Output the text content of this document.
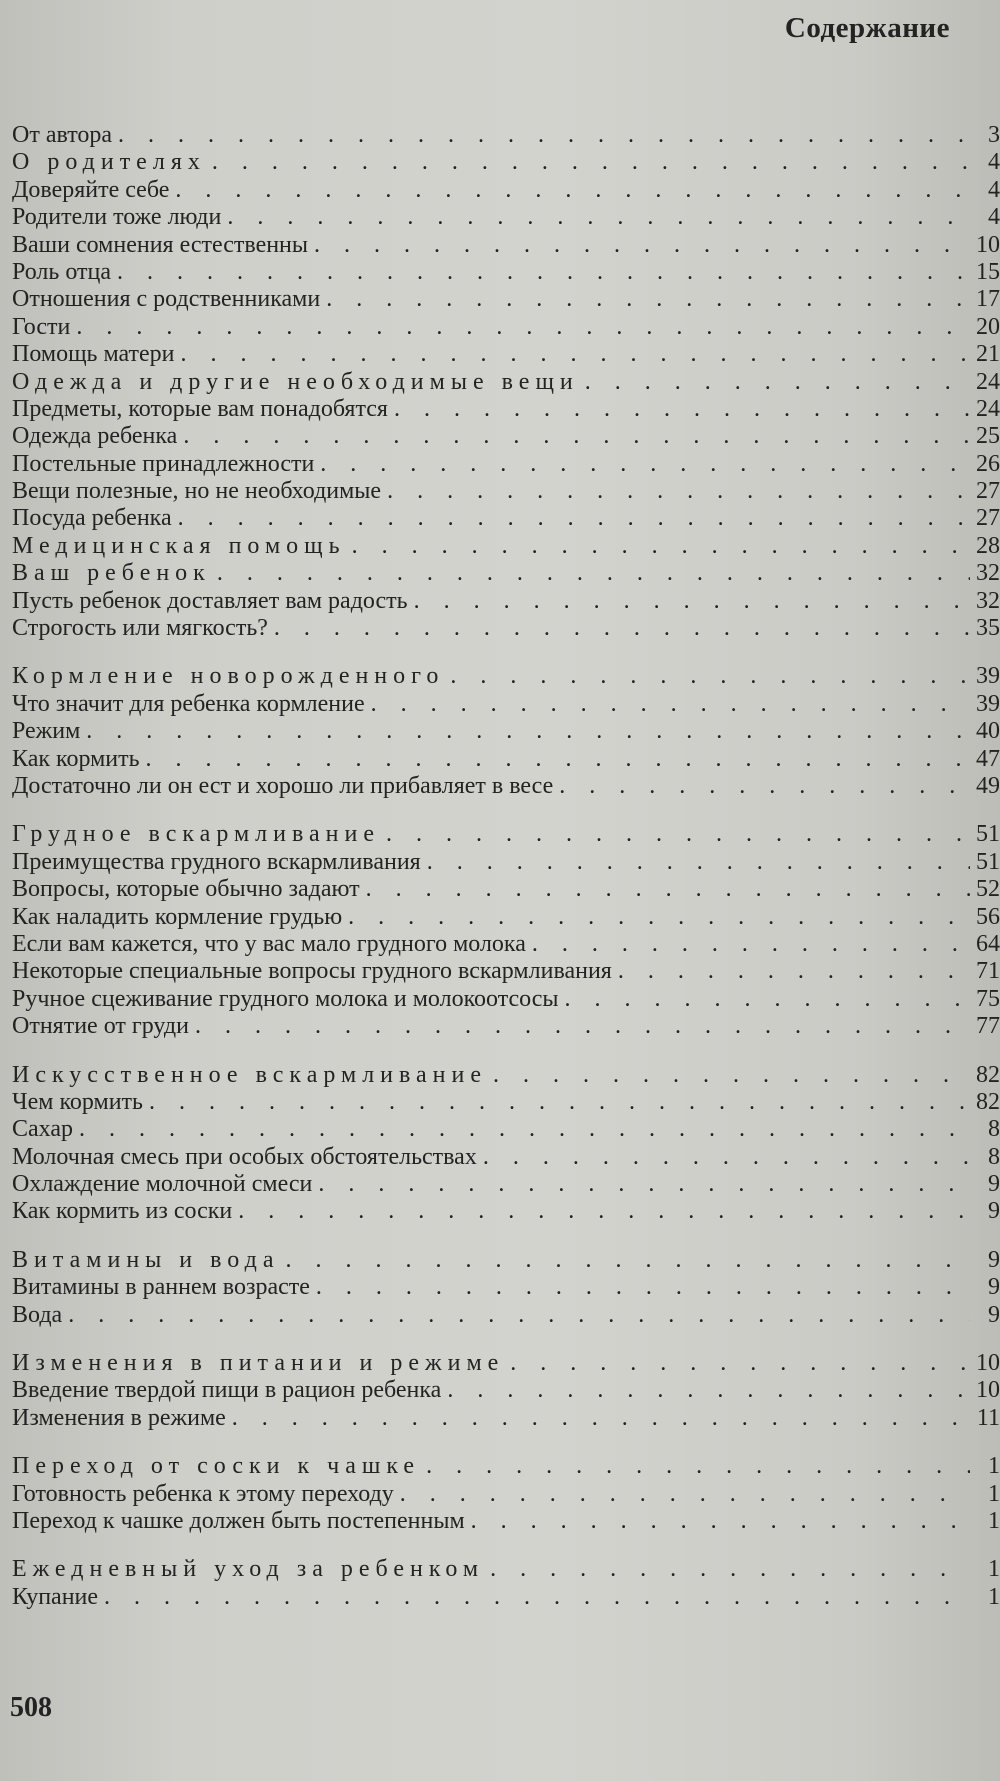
Содержание
От автора . . .	3
О родителях . . .	4
Доверяйте себе . . .	4
Родители тоже люди . . .	4
Ваши сомнения естественны . . .	10
Роль отца . . .	15
Отношения с родственниками . . .	17
Гости . . .	20
Помощь матери . . .	21
Одежда и другие необходимые вещи . . .	24
Предметы, которые вам понадобятся . . .	24
Одежда ребенка . . .	25
Постельные принадлежности . . .	26
Вещи полезные, но не необходимые . . .	27
Посуда ребенка . . .	27
Медицинская помощь . . .	28
Ваш ребенок . . .	32
Пусть ребенок доставляет вам радость . . .	32
Строгость или мягкость? . . .	35
Кормление новорожденного . . .	39
Что значит для ребенка кормление . . .	39
Режим . . .	40
Как кормить . . .	47
Достаточно ли он ест и хорошо ли прибавляет в весе . . .	49
Грудное вскармливание . . .	51
Преимущества грудного вскармливания . . .	51
Вопросы, которые обычно задают . . .	52
Как наладить кормление грудью . . .	56
Если вам кажется, что у вас мало грудного молока . . .	64
Некоторые специальные вопросы грудного вскармливания . . .	71
Ручное сцеживание грудного молока и молокоотсосы . . .	75
Отнятие от груди . . .	77
Искусственное вскармливание . . .	82
Чем кормить . . .	82
Сахар . . .	8
Молочная смесь при особых обстоятельствах . . .	8
Охлаждение молочной смеси . . .	9
Как кормить из соски . . .	9
Витамины и вода . . .	9
Витамины в раннем возрасте . . .	9
Вода . . .	9
Изменения в питании и режиме . . .	10
Введение твердой пищи в рацион ребенка . . .	10
Изменения в режиме . . .	11
Переход от соски к чашке . . .	1
Готовность ребенка к этому переходу . . .	1
Переход к чашке должен быть постепенным . . .	1
Ежедневный уход за ребенком . . .	1
Купание . . .	1
508
